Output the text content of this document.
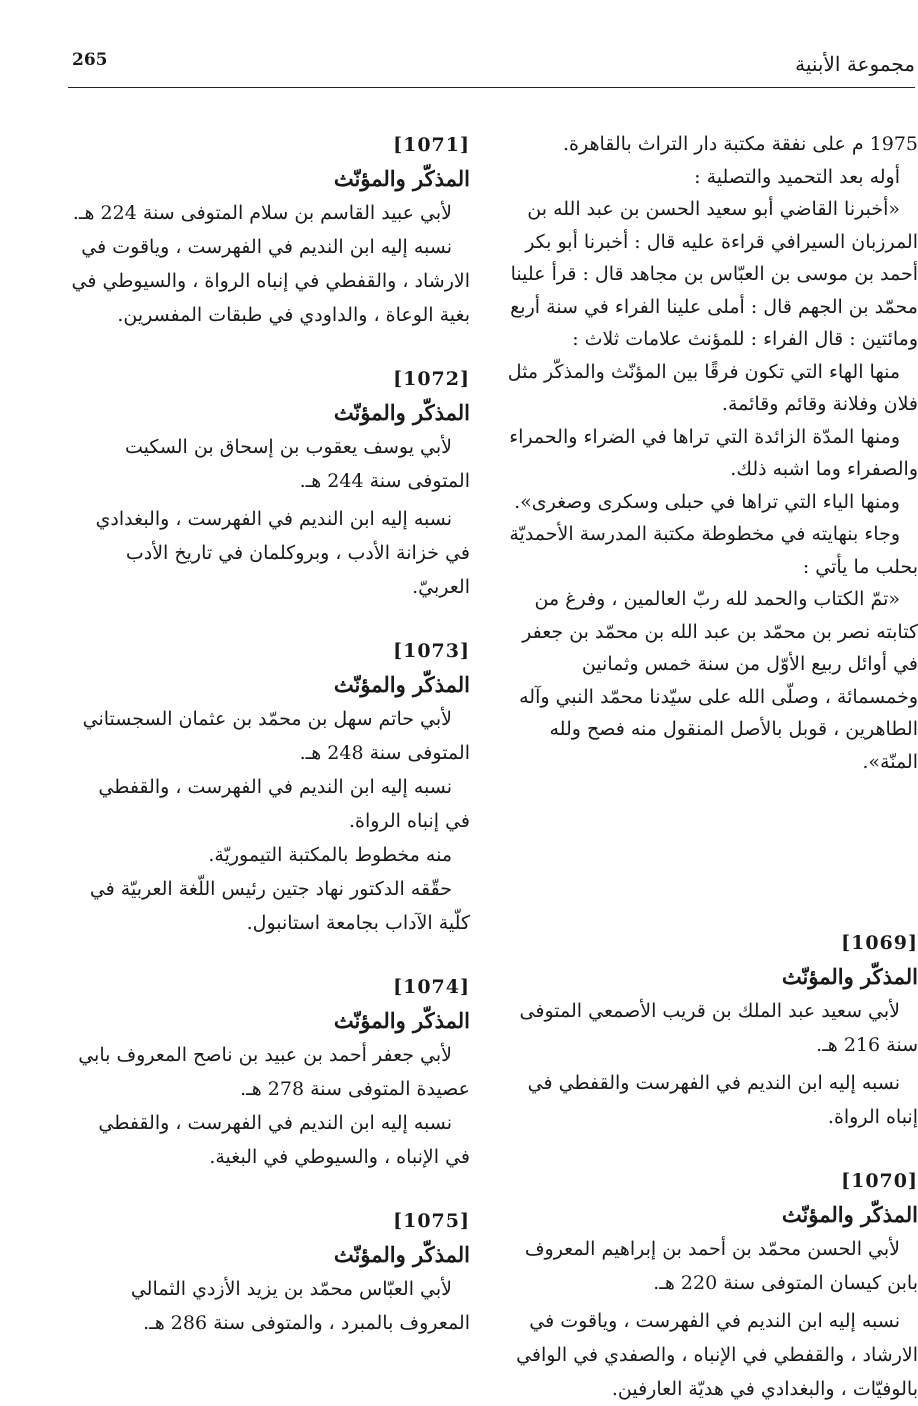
265	مجموعة الأبنية

1975 م على نفقة مكتبة دار التراث بالقاهرة.

أوله بعد التحميد والتصلية :

«أخبرنا القاضي أبو سعيد الحسن بن عبد الله بن المرزبان السيرافي قراءة عليه قال : أخبرنا أبو بكر أحمد بن موسى بن العبّاس بن مجاهد قال : قرأ علينا محمّد بن الجهم قال : أملى علينا الفراء في سنة أربع ومائتين : قال الفراء : للمؤنث علامات ثلاث :

منها الهاء التي تكون فرقًا بين المؤنّث والمذكّر مثل فلان وفلانة وقائم وقائمة.

ومنها المدّة الزائدة التي تراها في الضراء والحمراء والصفراء وما اشبه ذلك.

ومنها الياء التي تراها في حبلى وسكرى وصغرى».

وجاء بنهايته في مخطوطة مكتبة المدرسة الأحمديّة بحلب ما يأتي :

«تمّ الكتاب والحمد لله ربّ العالمين ، وفرغ من كتابته نصر بن محمّد بن عبد الله بن محمّد بن جعفر في أوائل ربيع الأوّل من سنة خمس وثمانين وخمسمائة ، وصلّى الله على سيّدنا محمّد النبي وآله الطاهرين ، قوبل بالأصل المنقول منه فصح ولله المنّة».

[1069]
المذكّر والمؤنّث

لأبي سعيد عبد الملك بن قريب الأصمعي المتوفى سنة 216 هـ.

نسبه إليه ابن النديم في الفهرست والقفطي في إنباه الرواة.

[1070]
المذكّر والمؤنّث

لأبي الحسن محمّد بن أحمد بن إبراهيم المعروف بابن كيسان المتوفى سنة 220 هـ.

نسبه إليه ابن النديم في الفهرست ، وياقوت في الارشاد ، والقفطي في الإنباه ، والصفدي في الوافي بالوفيّات ، والبغدادي في هديّة العارفين.

[1071]
المذكّر والمؤنّث

لأبي عبيد القاسم بن سلام المتوفى سنة 224 هـ.

نسبه إليه ابن النديم في الفهرست ، وياقوت في الارشاد ، والقفطي في إنباه الرواة ، والسيوطي في بغية الوعاة ، والداودي في طبقات المفسرين.

[1072]
المذكّر والمؤنّث

لأبي يوسف يعقوب بن إسحاق بن السكيت المتوفى سنة 244 هـ.

نسبه إليه ابن النديم في الفهرست ، والبغدادي في خزانة الأدب ، وبروكلمان في تاريخ الأدب العربيّ.

[1073]
المذكّر والمؤنّث

لأبي حاتم سهل بن محمّد بن عثمان السجستاني المتوفى سنة 248 هـ.

نسبه إليه ابن النديم في الفهرست ، والقفطي في إنباه الرواة.

منه مخطوط بالمكتبة التيموريّة.

حقّقه الدكتور نهاد جتين رئيس اللّغة العربيّة في كلّية الآداب بجامعة استانبول.

[1074]
المذكّر والمؤنّث

لأبي جعفر أحمد بن عبيد بن ناصح المعروف بابي عصيدة المتوفى سنة 278 هـ.

نسبه إليه ابن النديم في الفهرست ، والقفطي في الإنباه ، والسيوطي في البغية.

[1075]
المذكّر والمؤنّث

لأبي العبّاس محمّد بن يزيد الأزدي الثمالي المعروف بالمبرد ، والمتوفى سنة 286 هـ.
